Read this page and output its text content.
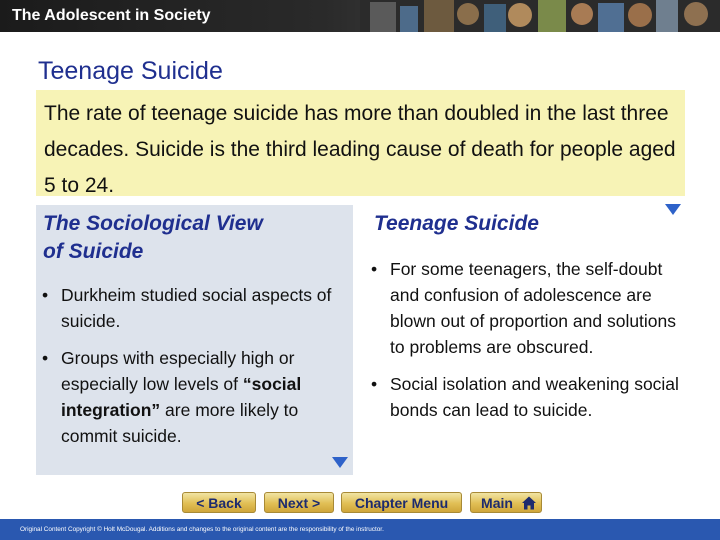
The Adolescent in Society
Teenage Suicide

The rate of teenage suicide has more than doubled in the last three decades. Suicide is the third leading cause of death for people aged 5 to 24.

The Sociological View
of Suicide
• Durkheim studied social aspects of suicide.
• Groups with especially high or especially low levels of “social integration” are more likely to commit suicide.
Teenage Suicide
• For some teenagers, the self-doubt and confusion of adolescence are blown out of proportion and solutions to problems are obscured.
• Social isolation and weakening social bonds can lead to suicide.
< Back	Next >	Chapter Menu	Main
Original Content Copyright © Holt McDougal. Additions and changes to the original content are the responsibility of the instructor.
